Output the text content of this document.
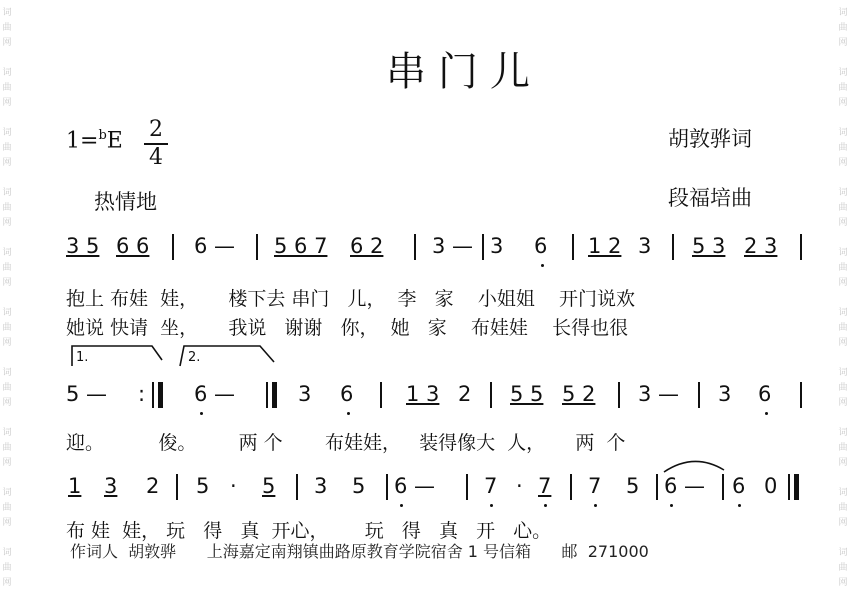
词
曲
网
词
曲
网
词
曲
网
词
曲
网
词
曲
网
词
曲
网
词
曲
网
词
曲
网
词
曲
网
词
曲
网
词
曲
网
词
曲
网
词
曲
网
词
曲
网
词
曲
网
词
曲
网
词
曲
网
词
曲
网
词
曲
网
词
曲
网
串门儿
1=$^b$E 2
4
热情地
胡敦骅词
段福培曲
3 5 6 6 6 — 5 6 7 6 2 3 — 3 6 1 2 3 5 3 2 3
抱上 布娃  娃，     楼下去 串门   儿，  李   家    小姐姐    开门说欢
她说 快请  坐，     我说   谢谢   你，  她   家    布娃娃    长得也很
1.	2.
5 — : 6 —	3 6	1 3 2 5 5 5 2 3 — 3 6
迎。         俊。       两 个       布娃娃，   装得像大  人，     两  个
1 3 2 5 · 5 3 5 6 — 7 · 7 7 5 6 — 6 0
布 娃  娃， 玩   得   真  开心，      玩   得   真   开   心。
作词人  胡敦骅      上海嘉定南翔镇曲路原教育学院宿舍 1 号信箱      邮  271000
